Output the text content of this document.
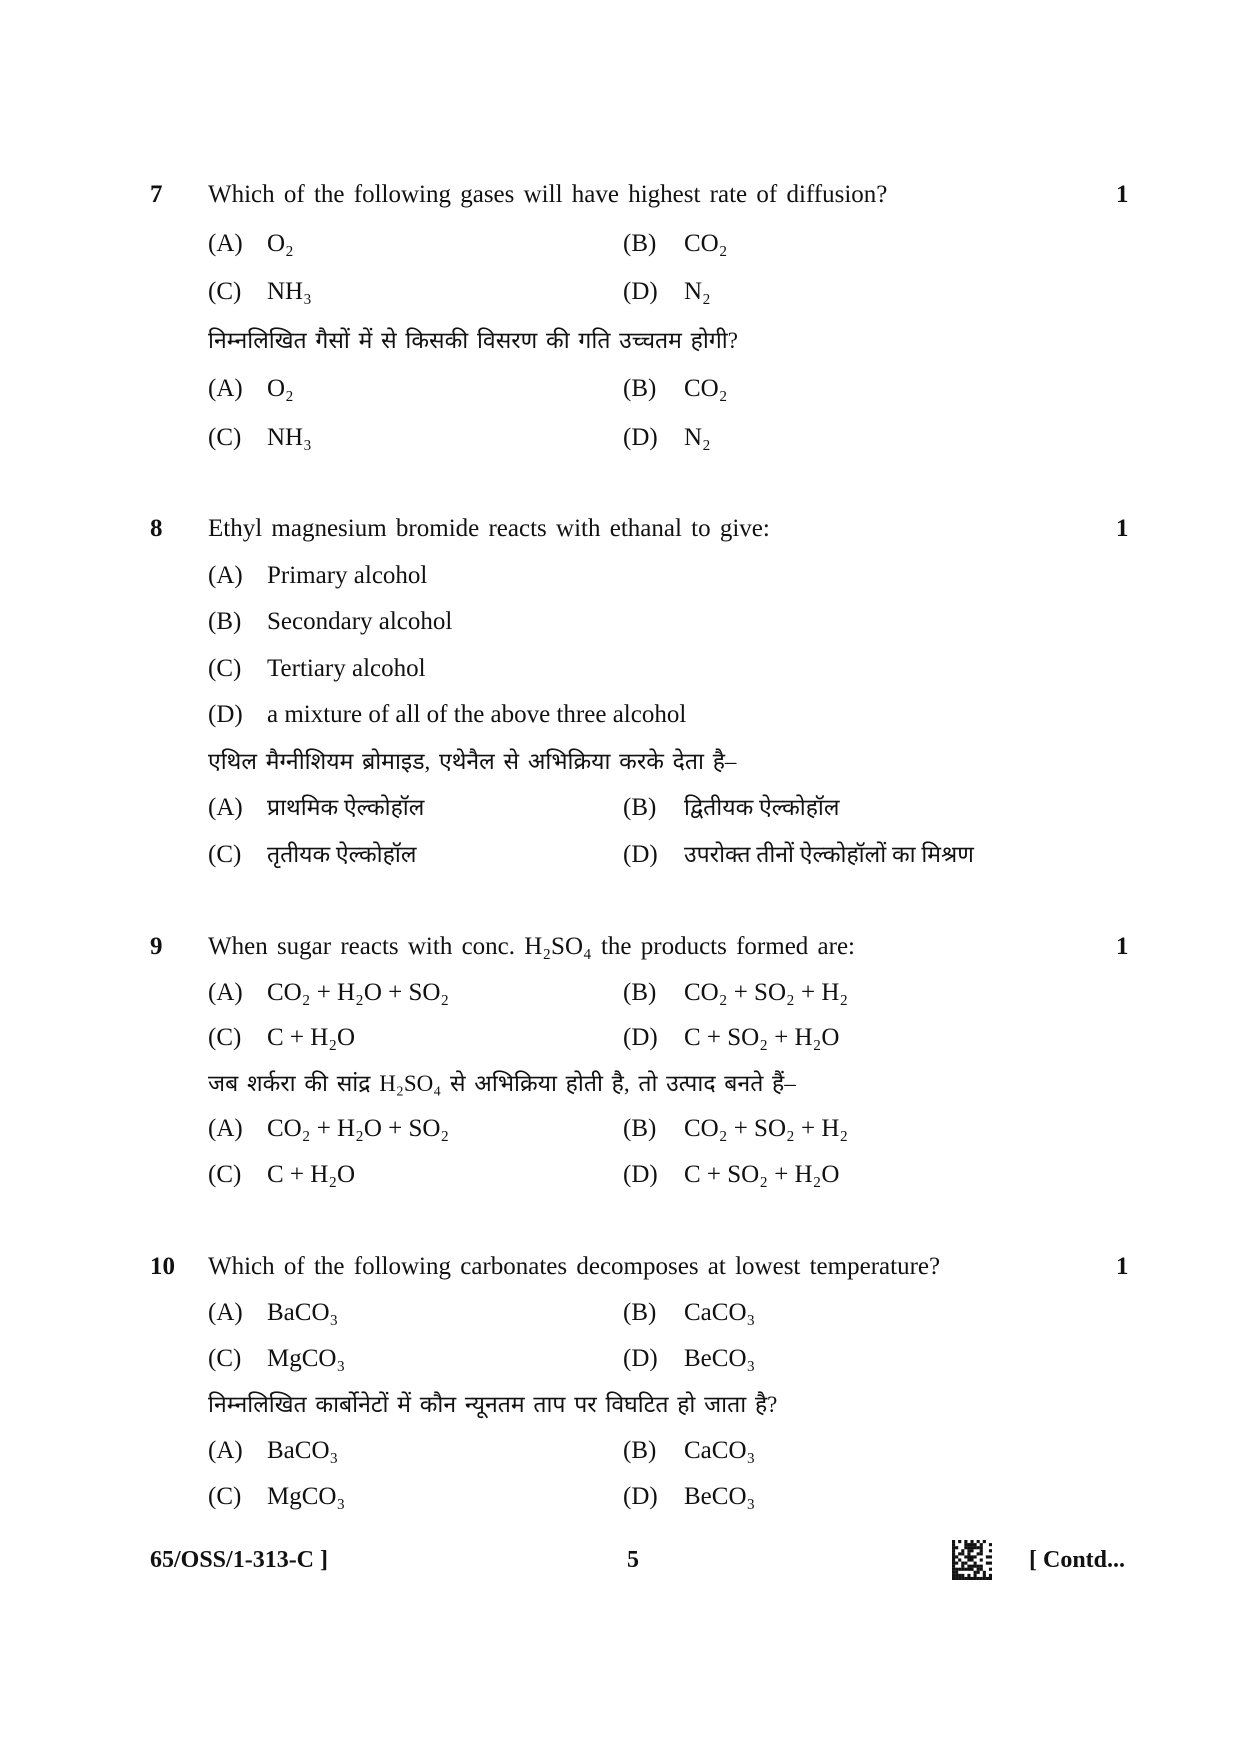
7 Which of the following gases will have highest rate of diffusion?	1
(A) O₂	(B) CO₂
(C) NH₃	(D) N₂
निम्नलिखित गैसों में से किसकी विसरण की गति उच्चतम होगी?
(A) O₂	(B) CO₂
(C) NH₃	(D) N₂
8 Ethyl magnesium bromide reacts with ethanal to give:	1
(A) Primary alcohol
(B) Secondary alcohol
(C) Tertiary alcohol
(D) a mixture of all of the above three alcohol
एथिल मैग्नीशियम ब्रोमाइड, एथेनैल से अभिक्रिया करके देता है–
(A) प्राथमिक ऐल्कोहॉल	(B) द्वितीयक ऐल्कोहॉल
(C) तृतीयक ऐल्कोहॉल	(D) उपरोक्त तीनों ऐल्कोहॉलों का मिश्रण
9 When sugar reacts with conc. H₂SO₄ the products formed are:	1
(A) CO₂ + H₂O + SO₂	(B) CO₂ + SO₂ + H₂
(C) C + H₂O	(D) C + SO₂ + H₂O
जब शर्करा की सांद्र H₂SO₄ से अभिक्रिया होती है, तो उत्पाद बनते हैं–
(A) CO₂ + H₂O + SO₂	(B) CO₂ + SO₂ + H₂
(C) C + H₂O	(D) C + SO₂ + H₂O
10 Which of the following carbonates decomposes at lowest temperature?	1
(A) BaCO₃	(B) CaCO₃
(C) MgCO₃	(D) BeCO₃
निम्नलिखित कार्बोनेटों में कौन न्यूनतम ताप पर विघटित हो जाता है?
(A) BaCO₃	(B) CaCO₃
(C) MgCO₃	(D) BeCO₃
65/OSS/1-313-C ]	5	[ Contd...
